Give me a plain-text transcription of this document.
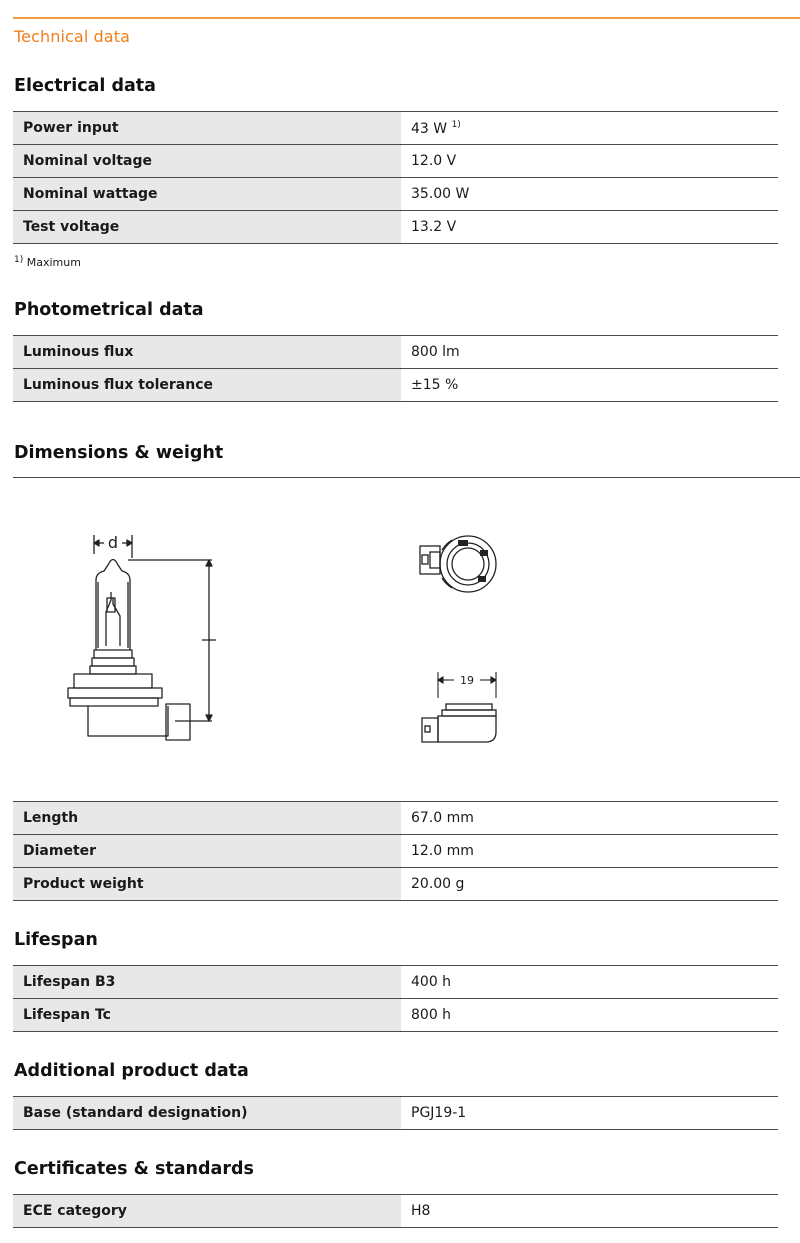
Technical data
Electrical data
Power input	43 W $^{1)}$
Nominal voltage	12.0 V
Nominal wattage	35.00 W
Test voltage	13.2 V
$^{1)}$ Maximum
Photometrical data
Luminous flux	800 lm
Luminous flux tolerance	±15 %
Dimensions & weight
d
19
Length	67.0 mm
Diameter	12.0 mm
Product weight	20.00 g
Lifespan
Lifespan B3	400 h
Lifespan Tc	800 h
Additional product data
Base (standard designation)	PGJ19-1
Certificates & standards
ECE category	H8
